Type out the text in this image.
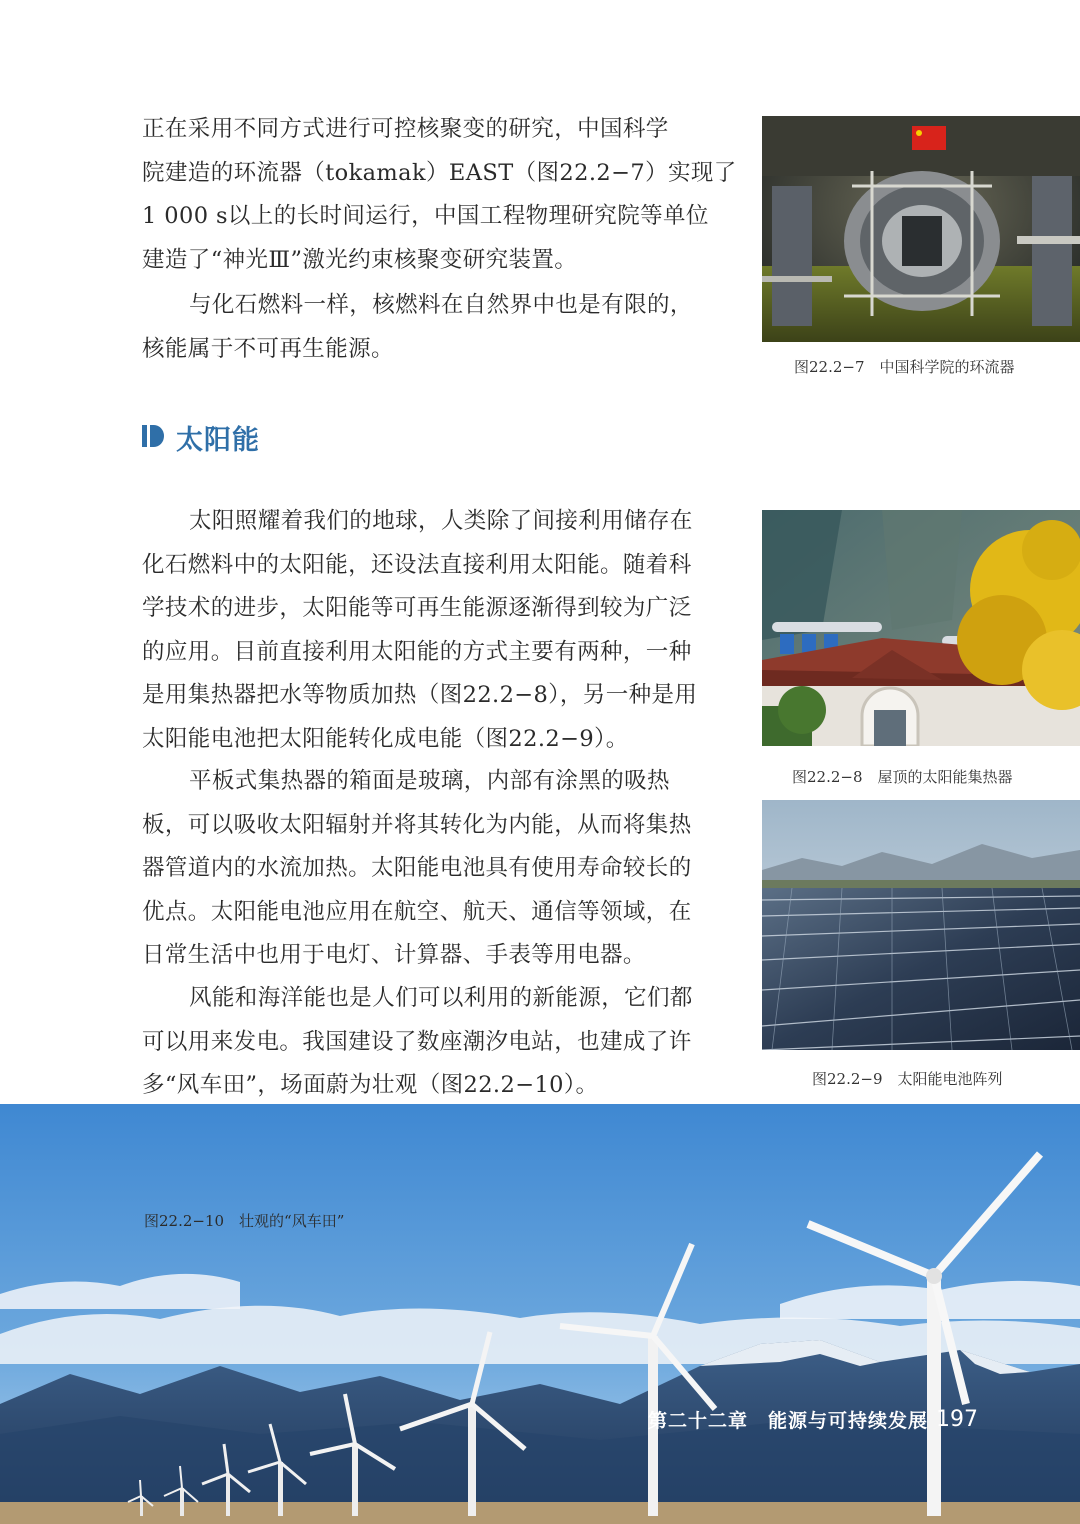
正在采用不同方式进行可控核聚变的研究，中国科学

院建造的环流器（tokamak）EAST（图22.2−7）实现了

1 000 s以上的长时间运行，中国工程物理研究院等单位

建造了“神光Ⅲ”激光约束核聚变研究装置。

与化石燃料一样，核燃料在自然界中也是有限的，

核能属于不可再生能源。

图22.2−7　中国科学院的环流器
太阳能

太阳照耀着我们的地球，人类除了间接利用储存在

化石燃料中的太阳能，还设法直接利用太阳能。随着科

学技术的进步，太阳能等可再生能源逐渐得到较为广泛

的应用。目前直接利用太阳能的方式主要有两种，一种

是用集热器把水等物质加热（图22.2−8），另一种是用

太阳能电池把太阳能转化成电能（图22.2−9）。

平板式集热器的箱面是玻璃，内部有涂黑的吸热

板，可以吸收太阳辐射并将其转化为内能，从而将集热

器管道内的水流加热。太阳能电池具有使用寿命较长的

优点。太阳能电池应用在航空、航天、通信等领域，在

日常生活中也用于电灯、计算器、手表等用电器。

风能和海洋能也是人们可以利用的新能源，它们都

可以用来发电。我国建设了数座潮汐电站，也建成了许

多“风车田”，场面蔚为壮观（图22.2−10）。

图22.2−8　屋顶的太阳能集热器
图22.2−9　太阳能电池阵列
图22.2−10　壮观的“风车田”
第二十二章　能源与可持续发展 197
